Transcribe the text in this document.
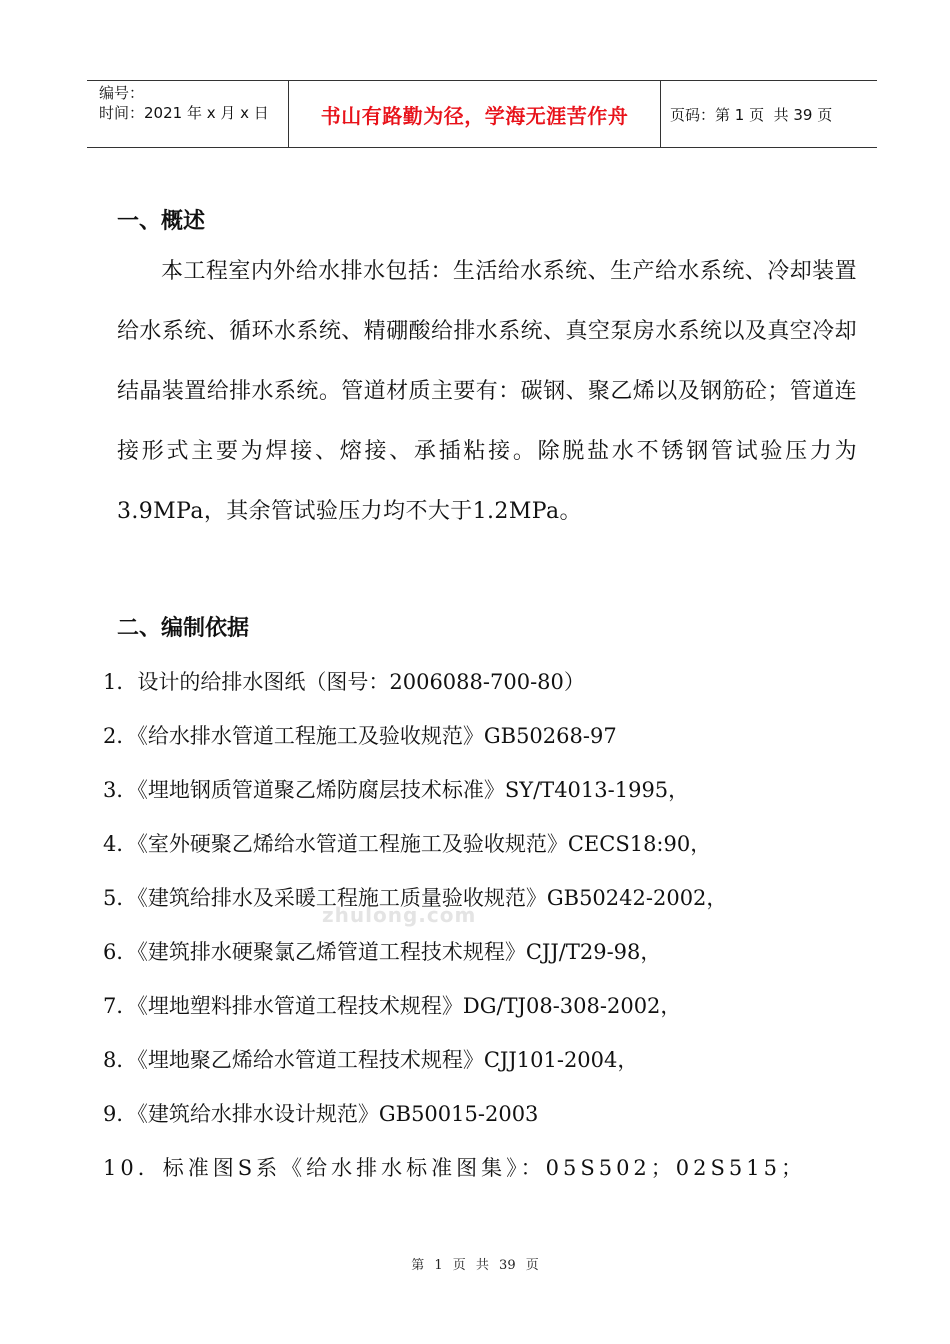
编号：
时间：2021 年 x 月 x 日	书山有路勤为径，学海无涯苦作舟	页码：第 1 页  共 39 页
一、概述
本工程室内外给水排水包括：生活给水系统、生产给水系统、冷却装置给水系统、循环水系统、精硼酸给排水系统、真空泵房水系统以及真空冷却结晶装置给排水系统。管道材质主要有：碳钢、聚乙烯以及钢筋砼；管道连接形式主要为焊接、熔接、承插粘接。除脱盐水不锈钢管试验压力为3.9MPa，其余管试验压力均不大于1.2MPa。
二、编制依据
1．设计的给排水图纸（图号：2006088-700-80）
2．《给水排水管道工程施工及验收规范》GB50268-97
3．《埋地钢质管道聚乙烯防腐层技术标准》SY/T4013-1995，
4．《室外硬聚乙烯给水管道工程施工及验收规范》CECS18:90，
5．《建筑给排水及采暖工程施工质量验收规范》GB50242-2002，
6．《建筑排水硬聚氯乙烯管道工程技术规程》CJJ/T29-98，
7．《埋地塑料排水管道工程技术规程》DG/TJ08-308-2002，
8．《埋地聚乙烯给水管道工程技术规程》CJJ101-2004，
9．《建筑给水排水设计规范》GB50015-2003
10．标准图S系《给水排水标准图集》：05S502；02S515；
zhulong.com
第 1 页 共 39 页
